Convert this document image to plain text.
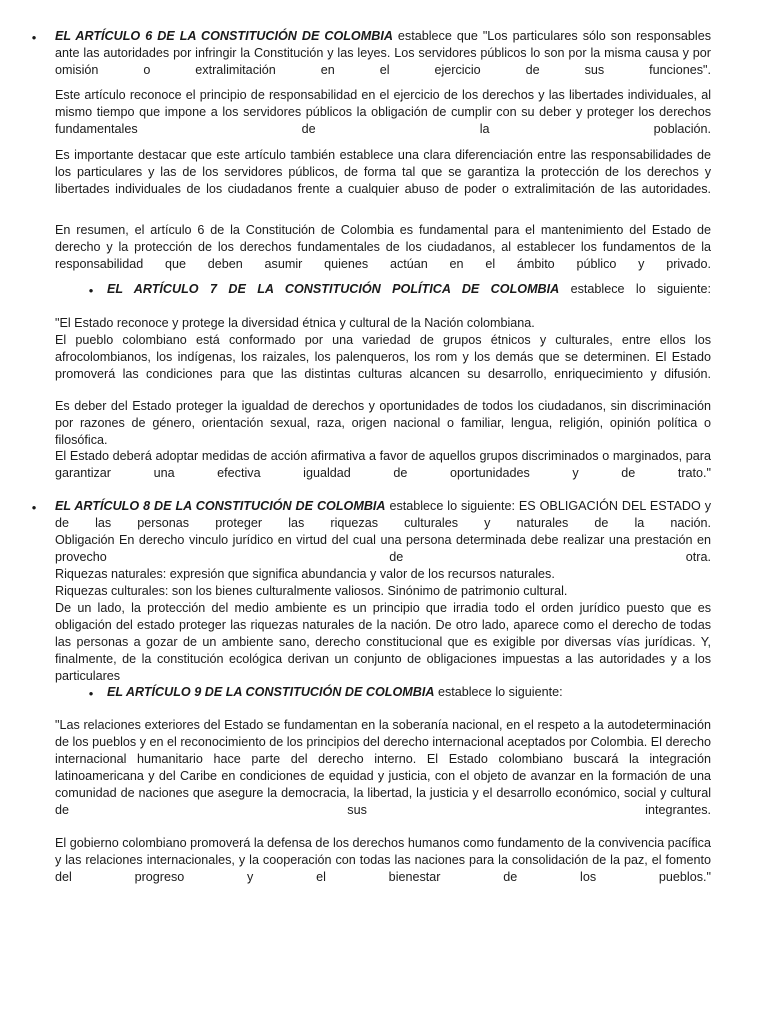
• EL ARTÍCULO 6 DE LA CONSTITUCIÓN DE COLOMBIA establece que "Los particulares sólo son responsables ante las autoridades por infringir la Constitución y las leyes. Los servidores públicos lo son por la misma causa y por omisión o extralimitación en el ejercicio de sus funciones".

Este artículo reconoce el principio de responsabilidad en el ejercicio de los derechos y las libertades individuales, al mismo tiempo que impone a los servidores públicos la obligación de cumplir con su deber y proteger los derechos fundamentales de la población.

Es importante destacar que este artículo también establece una clara diferenciación entre las responsabilidades de los particulares y las de los servidores públicos, de forma tal que se garantiza la protección de los derechos y libertades individuales de los ciudadanos frente a cualquier abuso de poder o extralimitación de las autoridades.

En resumen, el artículo 6 de la Constitución de Colombia es fundamental para el mantenimiento del Estado de derecho y la protección de los derechos fundamentales de los ciudadanos, al establecer los fundamentos de la responsabilidad que deben asumir quienes actúan en el ámbito público y privado.

• EL ARTÍCULO 7 DE LA CONSTITUCIÓN POLÍTICA DE COLOMBIA establece lo siguiente:

"El Estado reconoce y protege la diversidad étnica y cultural de la Nación colombiana.

El pueblo colombiano está conformado por una variedad de grupos étnicos y culturales, entre ellos los afrocolombianos, los indígenas, los raizales, los palenqueros, los rom y los demás que se determinen. El Estado promoverá las condiciones para que las distintas culturas alcancen su desarrollo, enriquecimiento y difusión.

Es deber del Estado proteger la igualdad de derechos y oportunidades de todos los ciudadanos, sin discriminación por razones de género, orientación sexual, raza, origen nacional o familiar, lengua, religión, opinión política o filosófica.

El Estado deberá adoptar medidas de acción afirmativa a favor de aquellos grupos discriminados o marginados, para garantizar una efectiva igualdad de oportunidades y de trato."

• EL ARTÍCULO 8 DE LA CONSTITUCIÓN DE COLOMBIA establece lo siguiente: ES OBLIGACIÓN DEL ESTADO y de las personas proteger las riquezas culturales y naturales de la nación.

Obligación En derecho vinculo jurídico en virtud del cual una persona determinada debe realizar una prestación en provecho de otra.

Riquezas naturales: expresión que significa abundancia y valor de los recursos naturales.

Riquezas culturales: son los bienes culturalmente valiosos. Sinónimo de patrimonio cultural.

De un lado, la protección del medio ambiente es un principio que irradia todo el orden jurídico puesto que es obligación del estado proteger las riquezas naturales de la nación. De otro lado, aparece como el derecho de todas las personas a gozar de un ambiente sano, derecho constitucional que es exigible por diversas vías jurídicas. Y, finalmente, de la constitución ecológica derivan un conjunto de obligaciones impuestas a las autoridades y a los particulares

• EL ARTÍCULO 9 DE LA CONSTITUCIÓN DE COLOMBIA establece lo siguiente:

"Las relaciones exteriores del Estado se fundamentan en la soberanía nacional, en el respeto a la autodeterminación de los pueblos y en el reconocimiento de los principios del derecho internacional aceptados por Colombia. El derecho internacional humanitario hace parte del derecho interno. El Estado colombiano buscará la integración latinoamericana y del Caribe en condiciones de equidad y justicia, con el objeto de avanzar en la formación de una comunidad de naciones que asegure la democracia, la libertad, la justicia y el desarrollo económico, social y cultural de sus integrantes.

El gobierno colombiano promoverá la defensa de los derechos humanos como fundamento de la convivencia pacífica y las relaciones internacionales, y la cooperación con todas las naciones para la consolidación de la paz, el fomento del progreso y el bienestar de los pueblos."
